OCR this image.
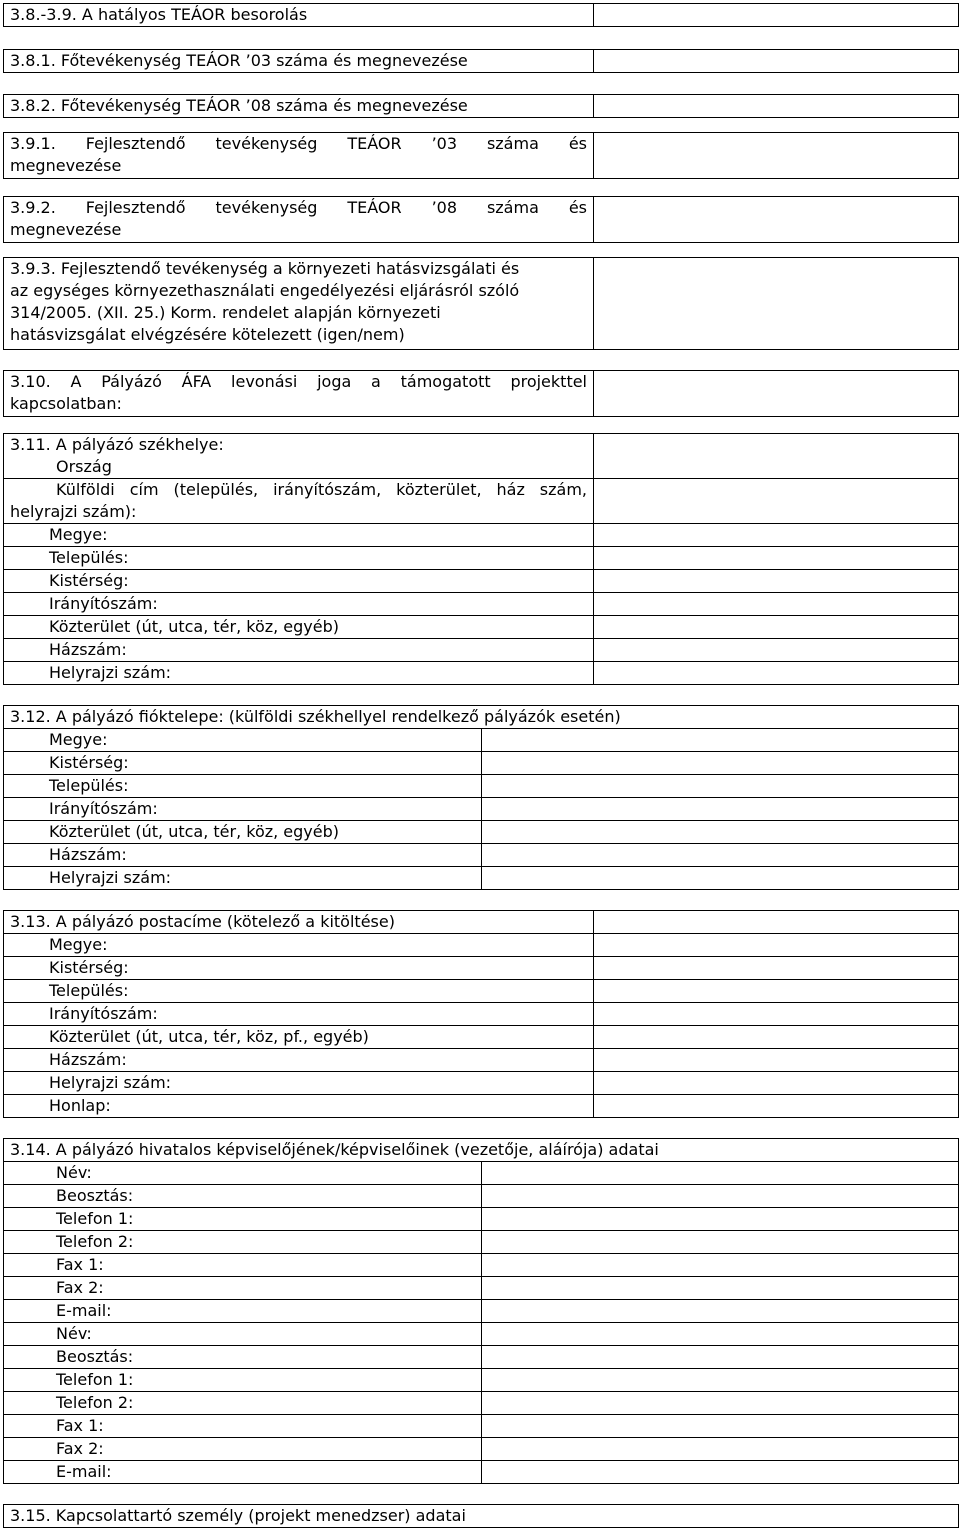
3.8.-3.9. A hatályos TEÁOR besorolás

3.8.1. Főtevékenység TEÁOR ’03 száma és megnevezése

3.8.2. Főtevékenység TEÁOR ’08 száma és megnevezése

3.9.1. Fejlesztendő tevékenység TEÁOR ’03 száma és
megnevezése

3.9.2. Fejlesztendő tevékenység TEÁOR ’08 száma és
megnevezése

3.9.3. Fejlesztendő tevékenység a környezeti hatásvizsgálati és
az egységes környezethasználati engedélyezési eljárásról szóló
314/2005. (XII. 25.) Korm. rendelet alapján környezeti
hatásvizsgálat elvégzésére kötelezett (igen/nem)

3.10. A Pályázó ÁFA levonási joga a támogatott projekttel
kapcsolatban:

3.11. A pályázó székhelye:

Ország

Külföldi cím (település, irányítószám, közterület, ház szám,
helyrajzi szám):

Megye:

Település:

Kistérség:

Irányítószám:

Közterület (út, utca, tér, köz, egyéb)

Házszám:

Helyrajzi szám:

3.12. A pályázó fióktelepe: (külföldi székhellyel rendelkező pályázók esetén)

Megye:

Kistérség:

Település:

Irányítószám:

Közterület (út, utca, tér, köz, egyéb)

Házszám:

Helyrajzi szám:

3.13. A pályázó postacíme (kötelező a kitöltése)

Megye:

Kistérség:

Település:

Irányítószám:

Közterület (út, utca, tér, köz, pf., egyéb)

Házszám:

Helyrajzi szám:

Honlap:

3.14. A pályázó hivatalos képviselőjének/képviselőinek (vezetője, aláírója) adatai

Név:

Beosztás:

Telefon 1:

Telefon 2:

Fax 1:

Fax 2:

E-mail:

Név:

Beosztás:

Telefon 1:

Telefon 2:

Fax 1:

Fax 2:

E-mail:

3.15. Kapcsolattartó személy (projekt menedzser) adatai
